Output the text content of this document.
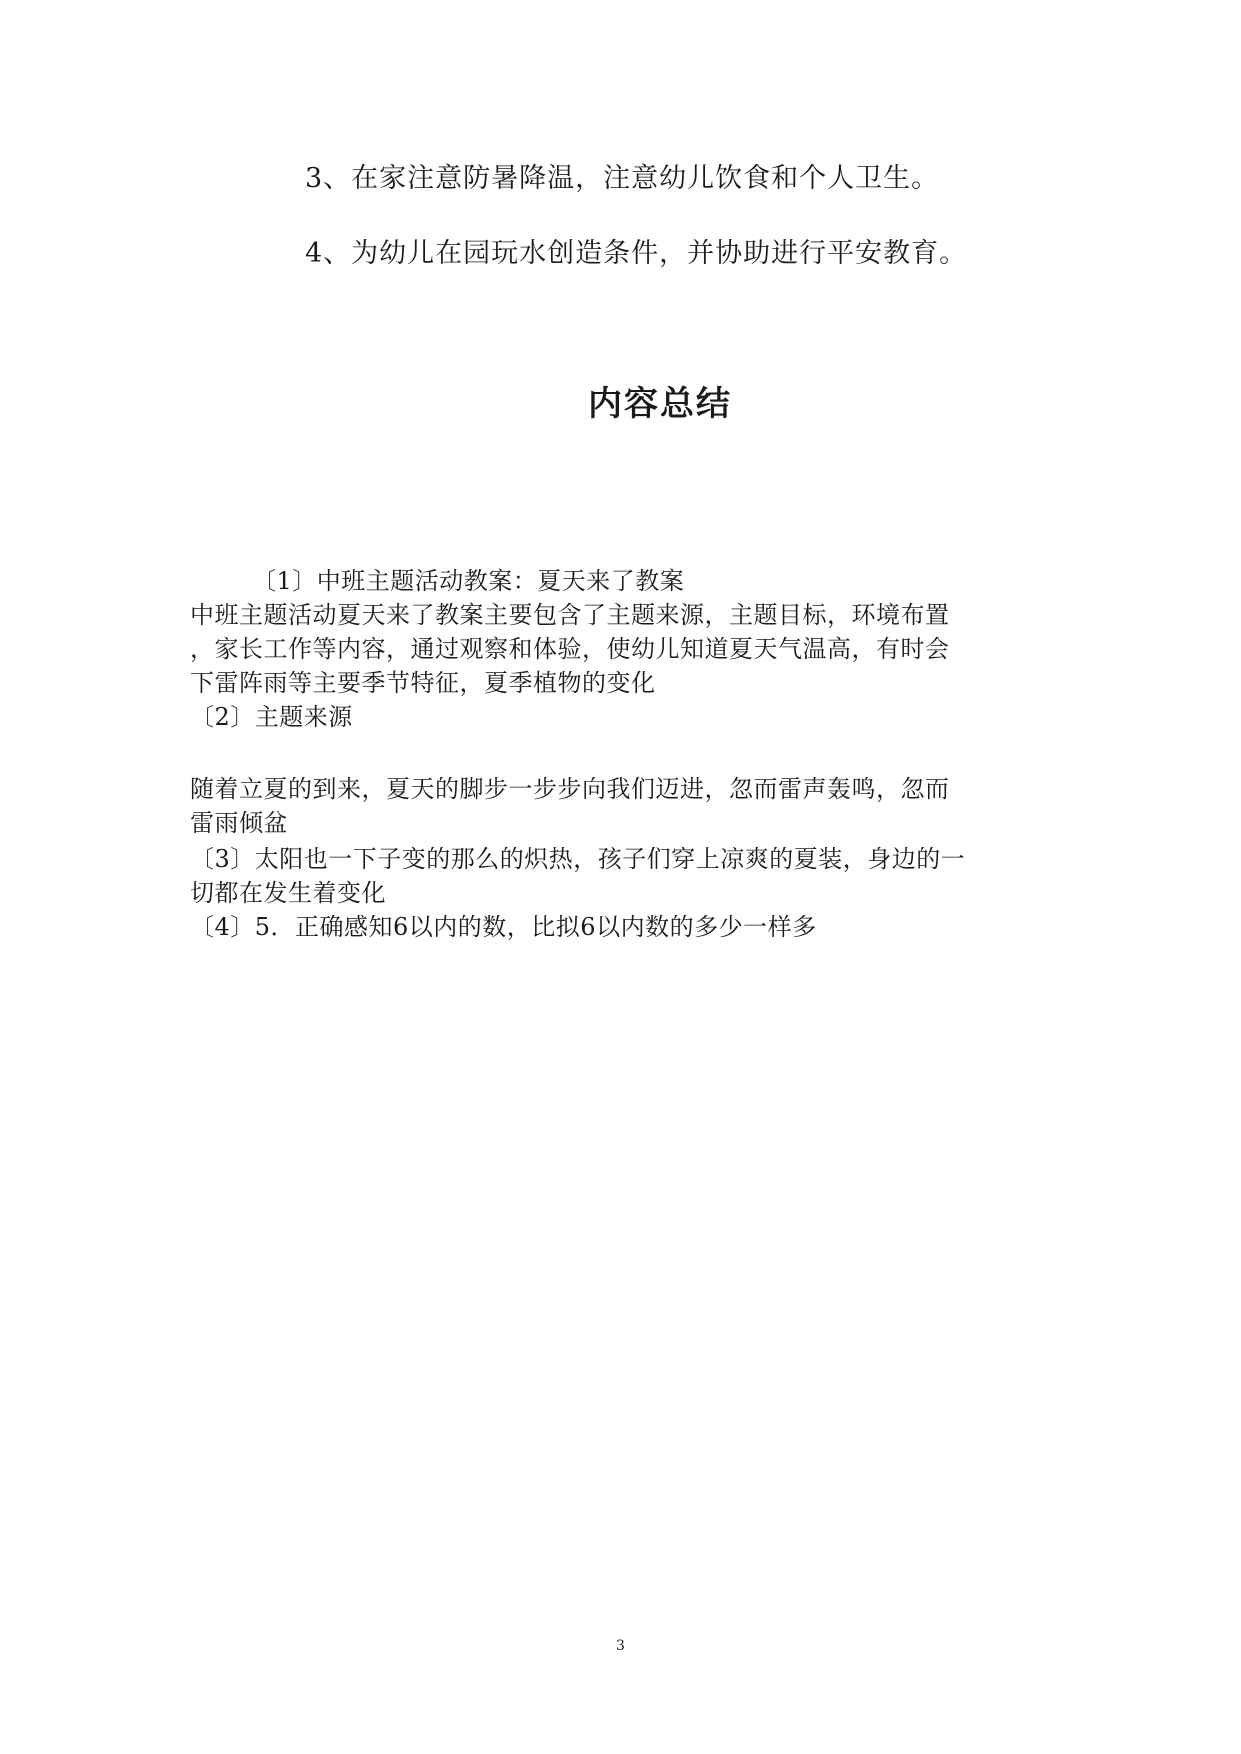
3、在家注意防暑降温，注意幼儿饮食和个人卫生。
4、为幼儿在园玩水创造条件，并协助进行平安教育。
内容总结
〔1〕中班主题活动教案：夏天来了教案
中班主题活动夏天来了教案主要包含了主题来源，主题目标，环境布置
，家长工作等内容，通过观察和体验，使幼儿知道夏天气温高，有时会
下雷阵雨等主要季节特征，夏季植物的变化
〔2〕主题来源
随着立夏的到来，夏天的脚步一步步向我们迈进，忽而雷声轰鸣，忽而
雷雨倾盆
〔3〕太阳也一下子变的那么的炽热，孩子们穿上凉爽的夏装，身边的一
切都在发生着变化
〔4〕5．正确感知6以内的数，比拟6以内数的多少一样多
3
